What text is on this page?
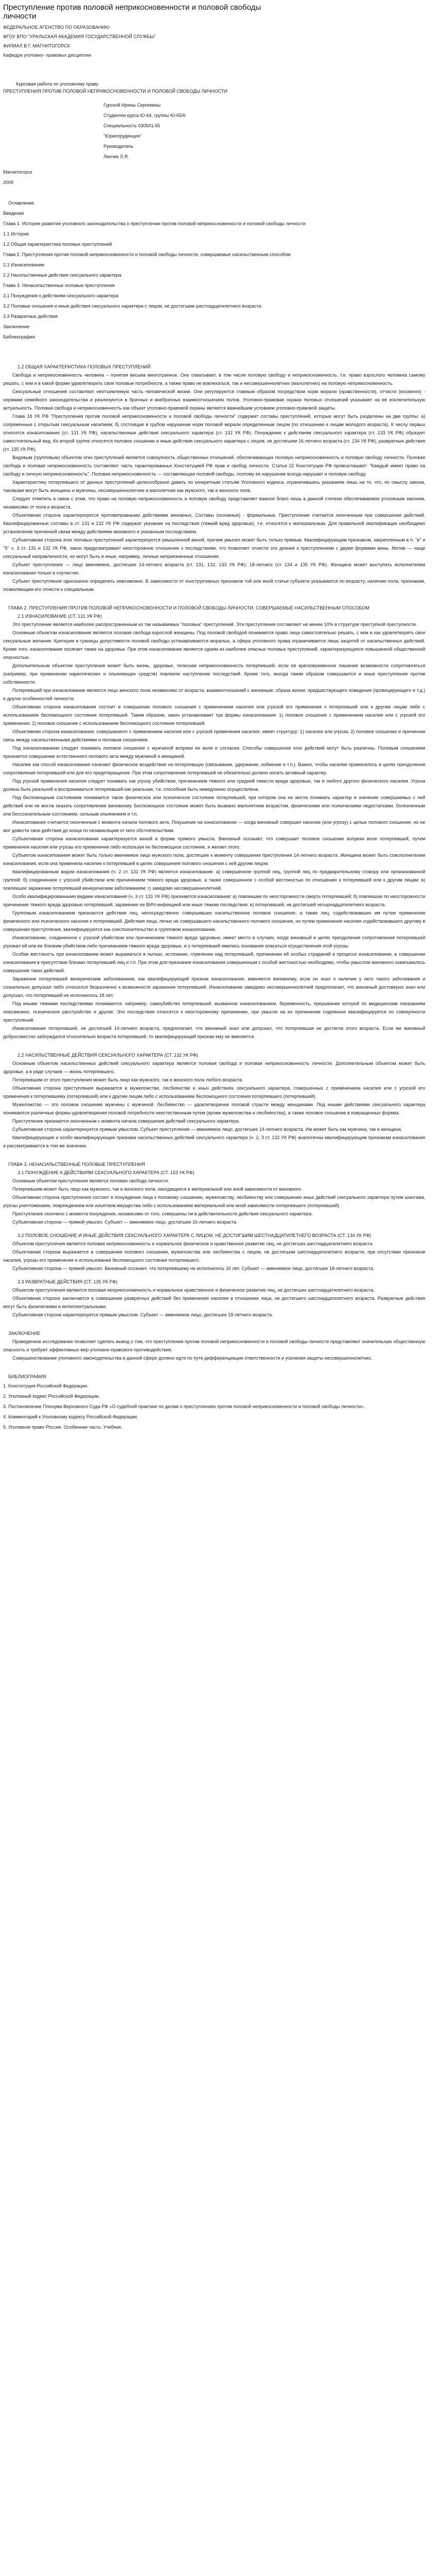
Преступление против половой неприкосновенности и половой свободы личности
ФЕДЕРАЛЬНОЕ АГЕНСТВО ПО ОБРАЗОВАНИЮ
ФГОУ ВПО "УРАЛЬСКАЯ АКАДЕМИЯ ГОСУДАРСТВЕННОЙ СЛУЖБЫ"
ФИЛИАЛ В Г. МАГНИТОГОРСК
Кафедра уголовно- правовых дисциплин
Курсовая работа по уголовному праву
ПРЕСТУПЛЕНИЯ ПРОТИВ ПОЛОВОЙ НЕПРИКОСНОВЕННОСТИ И ПОЛОВОЙ СВОБОДЫ ЛИЧНОСТИ
Гурской Ирины Сергеевны
Студентки курса Ю-64, группы Ю-65/6
Специальность 030501.65
"Юриспруденция"
Руководитель
Ленчик Л.Я.
Магнитогорск
2009
Оглавление
Введение
Глава 1. История развития уголовного законодательства о преступлении против половой неприкосновенности и половой свободы личности
1.1 История
1.2 Общая характеристика половых преступлений
Глава 2. Преступления против половой неприкосновенности и половой свободы личности, совершаемые насильственным способом
2.1 Изнасилование
2.2 Насильственные действия сексуального характера
Глава 3. Ненасильственные половые преступления
3.1 Понуждение к действиям сексуального характера
3.2 Половые сношения и иные действия сексуального характера с лицом, не достигшим шестнадцатилетнего возраста
3.3 Развратные действия
Заключение
Библиография
1.2 ОБЩАЯ ХАРАКТЕРИСТИКА ПОЛОВЫХ ПРЕСТУПЛЕНИЙ

Свобода и неприкосновенность человека – понятия весьма многогранное. Оно охватывает, в том числе половую свободу и неприкосновенность, т.е. право взрослого человека самому решать, с кем и в какой форме удовлетворить свои половые потребности, а также право не вовлекаться, так и несовершеннолетних (малолетних) на половую неприкосновенность.

Сексуальные отношения составляют неотъемлемую часть человеческой жизни. Они регулируются главным образом посредством норм морали (нравственности), отчасти (косвенно) - нормами семейного законодательства и реализуются в брачных и внебрачных взаимоотношениях полов. Уголовно-правовая охрана половых отношений указывает на её исключительную актуальность. Половая свобода и неприкосновенность как объект уголовно-правовой охраны является важнейшим условием уголовно-правовой защиты.

Глава 18 УК РФ "Преступления против половой неприкосновенности и половой свободы личности" содержит составы преступлений, которые могут быть разделены на две группы: а) сопряженные с открытым сексуальным насилием; б) состоящие в грубом нарушении норм половой морали определенным лицом (по отношению к лицам молодого возраста). К числу первых относятся изнасилование (ст. 131 УК РФ), насильственные действия сексуального характера (ст. 132 УК РФ). Понуждение к действиям сексуального характера (ст. 133 УК РФ) образует самостоятельный вид. Ко второй группе относятся половое сношение и иные действия сексуального характера с лицом, не достигшим 16-летнего возраста (ст. 134 УК РФ), развратные действия (ст. 135 УК РФ).

Видовым (групповым) объектом этих преступлений является совокупность общественных отношений, обеспечивающих половую неприкосновенность и половую свободу личности. Половая свобода и половая неприкосновенность составляют часть гарантированных Конституцией РФ прав и свобод личности. Статья 22 Конституции РФ провозглашает: "Каждый имеет право на свободу и личную неприкосновенность". Половая неприкосновенность — составляющая половой свободы, поэтому ее нарушение всегда нарушает и половую свободу.

Характеристику потерпевшего от данных преступлений целесообразно давать по конкретным статьям Уголовного кодекса, ограничившись указанием лишь на то, что, по смыслу закона, таковыми могут быть женщины и мужчины, несовершеннолетние и малолетние как мужского, так и женского пола.

Следует отметить в связи с этим, что право на половую неприкосновенность и половую свободу представляет важное благо лишь в данной степени обеспечиваемое уголовным законом, независимо от пола и возраста.

Объективная сторона характеризуется противоправными действиями виновных. Составы (основные) - формальные. Преступление считается оконченным при совершении действий. Квалифицированные составы в ст. 131 и 132 УК РФ содержат указание на последствия (тяжкий вред здоровью), т.е. относятся к материальным. Для правильной квалификации необходимо установление причинной связи между действиями виновного и указанным последствием.

Субъективная сторона этих половых преступлений характеризуется умышленной виной, причем умысел может быть только прямым. Квалифицирующим признаком, закрепленным в п. "в" и "б" ч. 3 ст. 131 и 132 УК РФ, закон предусматривает неосторожное отношение к последствиям, что позволяет отнести эти деяния к преступлениям с двумя формами вины. Мотив — чаще сексуальный направленности, но могут быть и иные, например, личные неприязненные отношения.

Субъект преступления — лицо вменяемое, достигшее 14-летнего возраста (ст. 131, 132, 133 УК РФ); 18-летнего (ст. 134 и 135 УК РФ). Женщина может выступать исполнителем изнасилования только в соучастии.

Субъект преступления однозначно определить невозможно. В зависимости от конструктивных признаков той или иной статьи субъекта указывается по возрасту, наличию пола, признакам, позволяющим его отнести к специальным.

ГЛАВА 2. ПРЕСТУПЛЕНИЯ ПРОТИВ ПОЛОВОЙ НЕПРИКОСНОВЕННОСТИ И ПОЛОВОЙ СВОБОДЫ ЛИЧНОСТИ, СОВЕРШАЕМЫЕ НАСИЛЬСТВЕННЫМ СПОСОБОМ
2.1 ИЗНАСИЛОВАНИЕ (СТ. 131 УК РФ)

Это преступление является наиболее распространенным из так называемых "половых" преступлений. Эти преступления составляют не менее 10% в структуре преступной преступности.

Основным объектом изнасилования является половая свобода взрослой женщины. Под половой свободой понимается право лица самостоятельно решать, с кем и как удовлетворять свои сексуальные желания. Критерии и границы допустимости половой свободы устанавливаются моралью, а сфера уголовного права ограничивается лишь защитой от насильственных действий. Кроме того, изнасилование посягает также на здоровье. При этом изнасилование является одним из наиболее опасных половых преступлений, характеризующихся повышенной общественной опасностью.

Дополнительным объектом преступления может быть жизнь, здоровье, телесная неприкосновенность потерпевшей, если её кратковременное лишение возможности сопротивляться (например, при применении наркотических и опьяняющих средств) повлекли наступление последствий. Кроме того, иногда таким образом совершаются и иные преступления против собственности.

Потерпевшей при изнасиловании является лицо женского пола независимо от возраста, взаимоотношений с виновным, образа жизни, предшествующего поведения (провоцирующего и т.д.) и других особенностей личности.

Объективная сторона изнасилования состоит в совершении полового сношения с применением насилия или угрозой его применения к потерпевшей или к другим лицам либо с использованием беспомощного состояния потерпевшей. Таким образом, закон устанавливает три формы изнасилования: 1) половое сношение с применением насилия или с угрозой его применения; 2) половое сношение с использованием беспомощного состояния потерпевшей.

Объективная сторона изнасилования, совершаемого с применением насилия или с угрозой применения насилия, имеет структуру: 1) насилие или угроза, 2) половое сношение и причинная связь между насильственными действиями и половым сношением.

Под изнасилованием следует понимать половое сношение с мужчиной вопреки ее воли и согласия. Способы совершения этих действий могут быть различны. Половым сношением признается совершение естественного полового акта между мужчиной и женщиной.

Насилие как способ изнасилования означает физическое воздействие на потерпевшую (связывание, удержание, избиение и т.п.). Важно, чтобы насилие применялось в целях преодоления сопротивления потерпевшей или для его предотвращения. При этом сопротивление потерпевшей не обязательно должно носить активный характер.

Под угрозой применения насилия следует понимать как угрозу убийством, причинением тяжкого или средней тяжести вреда здоровью, так и любого другого физического насилия. Угроза должна быть реальной и восприниматься потерпевшей как реальная, т.е. способная быть немедленно осуществлена.

Под беспомощным состоянием понимается такое физическое или психическое состояние потерпевшей, при котором она не могла понимать характер и значение совершаемых с ней действий или не могла оказать сопротивление виновному. Беспомощное состояние может быть вызвано малолетним возрастом, физическими или психическими недостатками, болезненным или бессознательным состоянием, сильным опьянением и т.п.

Изнасилование считается оконченным с момента начала полового акта. Покушение на изнасилование — когда виновный совершил насилие (или угрозу) с целью полового сношения, но не мог довести свои действия до конца по независящим от него обстоятельствам.

Субъективная сторона изнасилования характеризуется виной в форме прямого умысла. Виновный осознает, что совершает половое сношение вопреки воле потерпевшей, путем применения насилия или угрозы его применения либо используя ее беспомощное состояние, и желает этого.

Субъектом изнасилования может быть только вменяемое лицо мужского пола, достигшее к моменту совершения преступления 14-летнего возраста. Женщина может быть соисполнителем изнасилования, если она применяла насилие к потерпевшей в целях совершения полового сношения с ней другим лицом.

Квалифицированным видом изнасилования (ч. 2 ст. 131 УК РФ) является изнасилование: а) совершенное группой лиц, группой лиц по предварительному сговору или организованной группой; б) соединенное с угрозой убийством или причинением тяжкого вреда здоровью, а также совершенное с особой жестокостью по отношению к потерпевшей или к другим лицам; в) повлекшее заражение потерпевшей венерическим заболеванием; г) заведомо несовершеннолетней.

Особо квалифицированными видами изнасилования (ч. 3 ст. 131 УК РФ) признаются изнасилования: а) повлекшие по неосторожности смерть потерпевшей; б) повлекшие по неосторожности причинение тяжкого вреда здоровью потерпевшей, заражение ее ВИЧ-инфекцией или иные тяжкие последствия; в) потерпевшей, не достигшей четырнадцатилетнего возраста.

Групповым изнасилованием признаются действия лиц, непосредственно совершивших насильственное половое сношение, а также лиц, содействовавших им путем применения физического или психического насилия к потерпевшей. Действия лица, лично не совершавшего насильственного полового сношения, но путем применения насилия содействовавшего другому в совершении преступления, квалифицируются как соисполнительство в групповом изнасиловании.

Изнасилование, соединенное с угрозой убийством или причинением тяжкого вреда здоровью, имеет место в случаях, когда виновный в целях преодоления сопротивления потерпевшей угрожал ей или ее близким убийством либо причинением тяжкого вреда здоровью, и у потерпевшей имелись основания опасаться осуществления этой угрозы.

Особая жестокость при изнасиловании может выражаться в пытках, истязании, глумлении над потерпевшей, причинении ей особых страданий в процессе изнасилования, в совершении изнасилования в присутствии близких потерпевшей лиц и т.п. При этом для признания изнасилования совершенным с особой жестокостью необходимо, чтобы умыслом виновного охватывалось совершение таких действий.

Заражение потерпевшей венерическим заболеванием, как квалифицирующий признак изнасилования, вменяется виновному, если он знал о наличии у него такого заболевания и сознательно допускал либо относился безразлично к возможности заражения потерпевшей. Изнасилование заведомо несовершеннолетней предполагает, что виновный достоверно знал или допускал, что потерпевшей не исполнилось 18 лет.

Под иными тяжкими последствиями понимаются, например, самоубийство потерпевшей, вызванное изнасилованием, беременность, прерывание которой по медицинским показаниям невозможно, психическое расстройство и другие. Эти последствия относятся к неосторожному причинению, при умысле на их причинение содеянное квалифицируется по совокупности преступлений.

Изнасилование потерпевшей, не достигшей 14-летнего возраста, предполагает, что виновный знал или допускал, что потерпевшая не достигла этого возраста. Если же виновный добросовестно заблуждался относительно возраста потерпевшей, то квалифицирующий признак ему не вменяется.

2.2 НАСИЛЬСТВЕННЫЕ ДЕЙСТВИЯ СЕКСУАЛЬНОГО ХАРАКТЕРА (СТ. 132 УК РФ)

Основным объектом насильственных действий сексуального характера является половая свобода и половая неприкосновенность личности. Дополнительным объектом может быть здоровье, а в ряде случаев — жизнь потерпевшего.

Потерпевшим от этого преступления может быть лицо как мужского, так и женского пола любого возраста.

Объективная сторона преступления выражается в мужеложстве, лесбиянстве и иных действиях сексуального характера, совершенных с применением насилия или с угрозой его применения к потерпевшему (потерпевшей) или к другим лицам либо с использованием беспомощного состояния потерпевшего (потерпевшей).

Мужеложство — это половое сношение мужчины с мужчиной. Лесбиянство — удовлетворение половой страсти между женщинами. Под иными действиями сексуального характера понимаются различные формы удовлетворения половой потребности неестественным путем (кроме мужеложства и лесбиянства), а также половое сношение в извращенных формах.

Преступление признается оконченным с момента начала совершения действий сексуального характера.

Субъективная сторона характеризуется прямым умыслом. Субъект преступления — вменяемое лицо, достигшее 14-летнего возраста. Им может быть как мужчина, так и женщина.

Квалифицирующие и особо квалифицирующие признаки насильственных действий сексуального характера (ч. 2, 3 ст. 132 УК РФ) аналогичны квалифицирующим признакам изнасилования и рассматриваются в том же значении.

ГЛАВА 3. НЕНАСИЛЬСТВЕННЫЕ ПОЛОВЫЕ ПРЕСТУПЛЕНИЯ
3.1 ПОНУЖДЕНИЕ К ДЕЙСТВИЯМ СЕКСУАЛЬНОГО ХАРАКТЕРА (СТ. 133 УК РФ)

Основным объектом преступления является половая свобода личности.

Потерпевшим может быть лицо как мужского, так и женского пола, находящееся в материальной или иной зависимости от виновного.

Объективная сторона преступления состоит в понуждении лица к половому сношению, мужеложству, лесбиянству или совершению иных действий сексуального характера путем шантажа, угрозы уничтожением, повреждением или изъятием имущества либо с использованием материальной или иной зависимости потерпевшего (потерпевшей).

Преступление окончено с момента понуждения, независимо от того, совершены ли в действительности действия сексуального характера.

Субъективная сторона — прямой умысел. Субъект — вменяемое лицо, достигшее 16-летнего возраста.

3.2 ПОЛОВОЕ СНОШЕНИЕ И ИНЫЕ ДЕЙСТВИЯ СЕКСУАЛЬНОГО ХАРАКТЕРА С ЛИЦОМ, НЕ ДОСТИГШИМ ШЕСТНАДЦАТИЛЕТНЕГО ВОЗРАСТА (СТ. 134 УК РФ)

Объектом преступления является половая неприкосновенность и нормальное физическое и нравственное развитие лиц, не достигших шестнадцатилетнего возраста.

Объективная сторона выражается в совершении полового сношения, мужеложства или лесбиянства с лицом, не достигшим шестнадцатилетнего возраста, при отсутствии признаков насилия, угрозы его применения и использования беспомощного состояния потерпевшего.

Субъективная сторона — прямой умысел. Виновный осознает, что потерпевшему не исполнилось 16 лет. Субъект — вменяемое лицо, достигшее 18-летнего возраста.

3.3 РАЗВРАТНЫЕ ДЕЙСТВИЯ (СТ. 135 УК РФ)

Объектом преступления являются половая неприкосновенность и нормальное нравственное и физическое развитие лиц, не достигших шестнадцатилетнего возраста.

Объективная сторона заключается в совершении развратных действий без применения насилия в отношении лица, не достигшего шестнадцатилетнего возраста. Развратные действия могут быть физическими и интеллектуальными.

Субъективная сторона характеризуется прямым умыслом. Субъект — вменяемое лицо, достигшее 18-летнего возраста.

ЗАКЛЮЧЕНИЕ

Проведенное исследование позволяет сделать вывод о том, что преступления против половой неприкосновенности и половой свободы личности представляют значительную общественную опасность и требуют эффективных мер уголовно-правового противодействия.

Совершенствование уголовного законодательства в данной сфере должно идти по пути дифференциации ответственности и усиления защиты несовершеннолетних.

БИБЛИОГРАФИЯ
1. Конституция Российской Федерации.
2. Уголовный кодекс Российской Федерации.
3. Постановление Пленума Верховного Суда РФ «О судебной практике по делам о преступлениях против половой неприкосновенности и половой свободы личности».
4. Комментарий к Уголовному кодексу Российской Федерации.
5. Уголовное право России. Особенная часть: Учебник.
